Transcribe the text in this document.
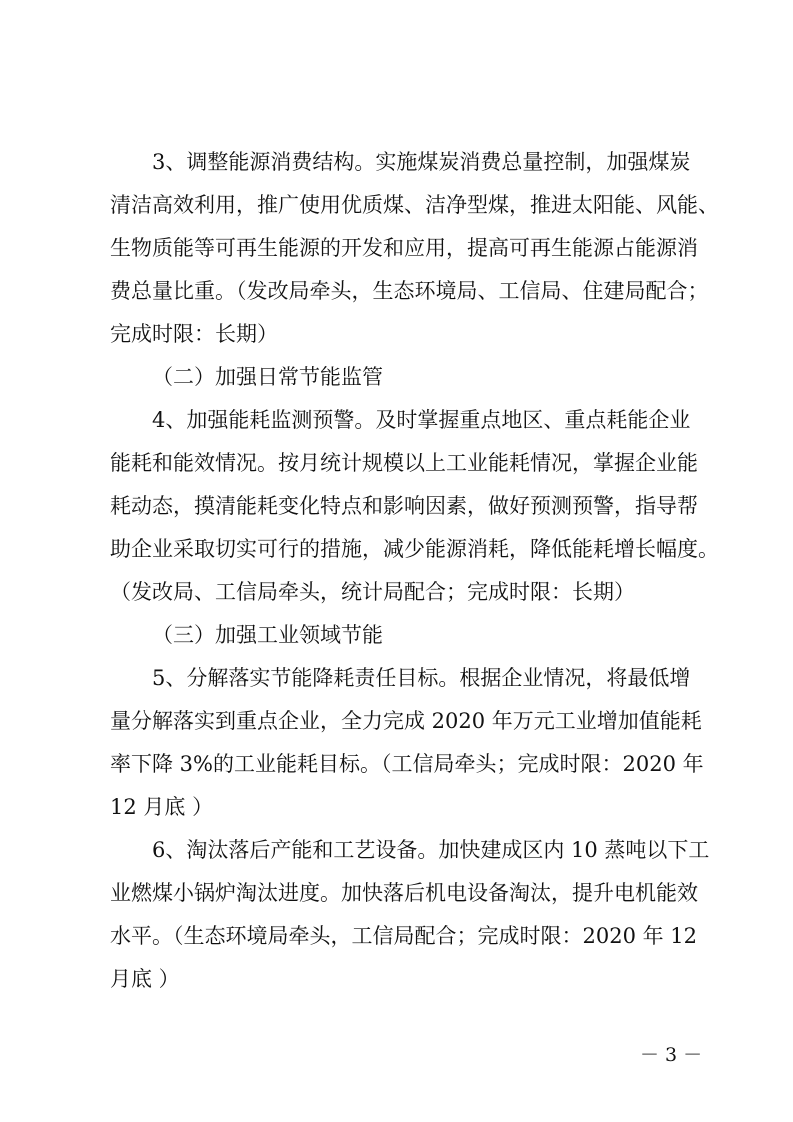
3、调整能源消费结构。实施煤炭消费总量控制，加强煤炭
清洁高效利用，推广使用优质煤、洁净型煤，推进太阳能、风能、
生物质能等可再生能源的开发和应用，提高可再生能源占能源消
费总量比重。（发改局牵头，生态环境局、工信局、住建局配合；
完成时限：长期）
（二）加强日常节能监管
4、加强能耗监测预警。及时掌握重点地区、重点耗能企业
能耗和能效情况。按月统计规模以上工业能耗情况，掌握企业能
耗动态，摸清能耗变化特点和影响因素，做好预测预警，指导帮
助企业采取切实可行的措施，减少能源消耗，降低能耗增长幅度。
（发改局、工信局牵头，统计局配合；完成时限：长期）
（三）加强工业领域节能
5、分解落实节能降耗责任目标。根据企业情况，将最低增
量分解落实到重点企业，全力完成 2020 年万元工业增加值能耗
率下降 3%的工业能耗目标。（工信局牵头；完成时限：2020 年
12 月底 ）
6、淘汰落后产能和工艺设备。加快建成区内 10 蒸吨以下工
业燃煤小锅炉淘汰进度。加快落后机电设备淘汰，提升电机能效
水平。（生态环境局牵头，工信局配合；完成时限：2020 年 12
月底 ）
－ 3 －
